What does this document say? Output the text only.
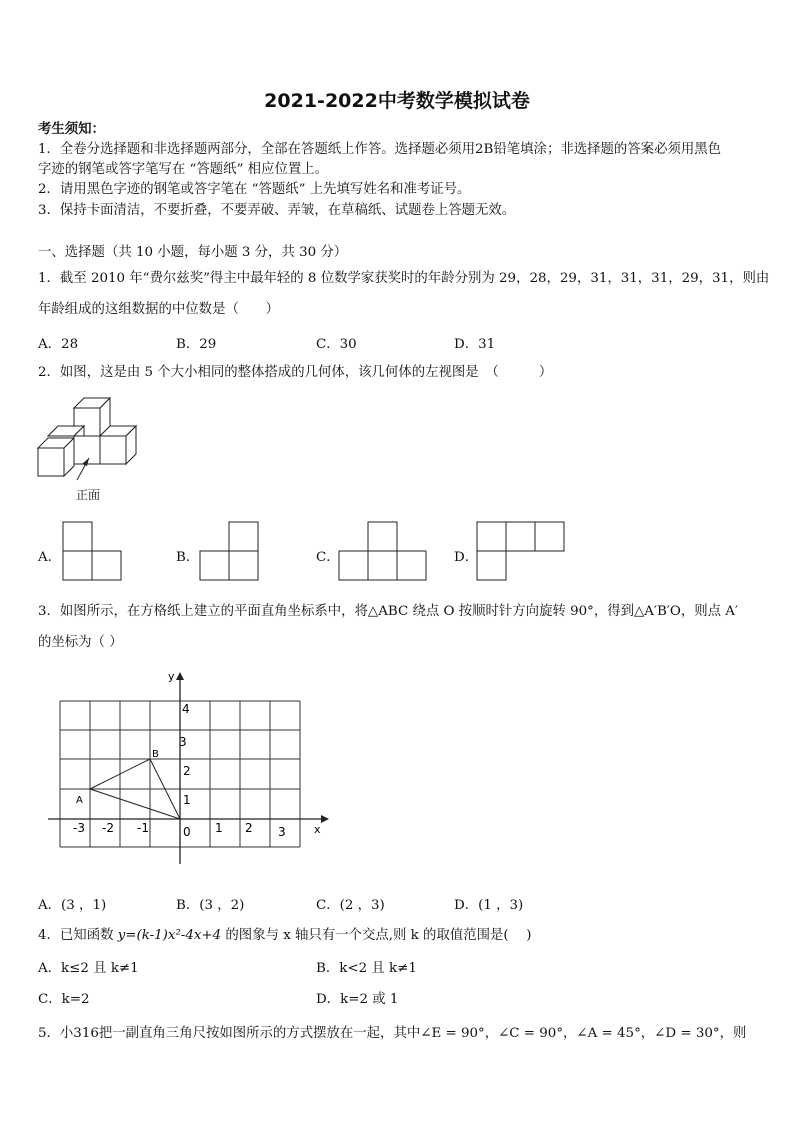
2021-2022中考数学模拟试卷
考生须知：
1．全卷分选择题和非选择题两部分，全部在答题纸上作答。选择题必须用2B铅笔填涂；非选择题的答案必须用黑色
字迹的钢笔或答字笔写在 “答题纸” 相应位置上。
2．请用黑色字迹的钢笔或答字笔在 “答题纸” 上先填写姓名和准考证号。
3．保持卡面清洁，不要折叠，不要弄破、弄皱，在草稿纸、试题卷上答题无效。
一、选择题（共 10 小题，每小题 3 分，共 30 分）
1．截至 2010 年“费尔兹奖”得主中最年轻的 8 位数学家获奖时的年龄分别为 29，28，29，31，31，31，29，31，则由
年龄组成的这组数据的中位数是（　　）
A．28	B．29	C．30	D．31
2．如图，这是由 5 个大小相同的整体搭成的几何体，该几何体的左视图是　（　　　）
正面
A．	B．	C．	D．
3．如图所示，在方格纸上建立的平面直角坐标系中，将△ABC 绕点 O 按顺时针方向旋转 90°，得到△A′B′O，则点 A′
的坐标为（ ）
y
x
A
B
0
-3 -2 -1	1 2 3
1
2
3
4
A．(3 ，1)	B．(3 ，2)	C．(2 ，3)	D．(1 ，3)
4．已知函数 y=(k-1)x²-4x+4 的图象与 x 轴只有一个交点,则 k 的取值范围是(　 )
A．k≤2 且 k≠1	B．k<2 且 k≠1
C．k=2	D．k=2 或 1
5．小316把一副直角三角尺按如图所示的方式摆放在一起，其中∠E = 90°，∠C = 90°，∠A = 45°，∠D = 30°，则
